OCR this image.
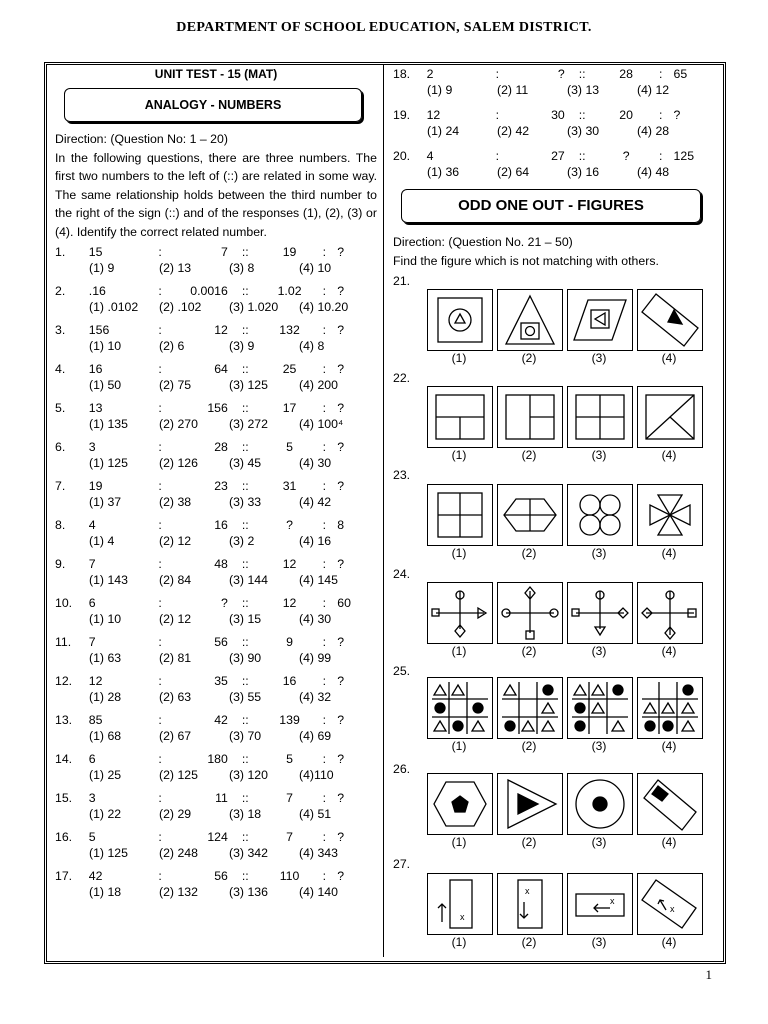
DEPARTMENT OF SCHOOL EDUCATION, SALEM DISTRICT.
UNIT TEST - 15 (MAT)
ANALOGY - NUMBERS
Direction: (Question No: 1 – 20)
In the following questions, there are three numbers. The first two numbers to the left of (::) are related in some way. The same relationship holds between the third number to the right of the sign (::) and of the responses (1), (2), (3) or (4). Identify the correct related number.
1.	15	:	7	::	19	: ?
(1) 9	(2) 13	(3) 8	(4) 10
2.	.16	:	0.0016	::	1.02	: ?
(1) .0102	(2) .102	(3) 1.020	(4) 10.20
3.	156	:	12	::	132	: ?
(1) 10	(2) 6	(3) 9	(4) 8
4.	16	:	64	::	25	: ?
(1) 50	(2) 75	(3) 125	(4) 200
5.	13	:	156	::	17	: ?
(1) 135	(2) 270	(3) 272	(4) 100⁴
6.	3	:	28	::	5	: ?
(1) 125	(2) 126	(3) 45	(4) 30
7.	19	:	23	::	31	: ?
(1) 37	(2) 38	(3) 33	(4) 42
8.	4	:	16	::	?	: 8
(1) 4	(2) 12	(3) 2	(4) 16
9.	7	:	48	::	12	: ?
(1) 143	(2) 84	(3) 144	(4) 145
10.	6	:	?	::	12	: 60
(1) 10	(2) 12	(3) 15	(4) 30
11.	7	:	56	::	9	: ?
(1) 63	(2) 81	(3) 90	(4) 99
12.	12	:	35	::	16	: ?
(1) 28	(2) 63	(3) 55	(4) 32
13.	85	:	42	::	139	: ?
(1) 68	(2) 67	(3) 70	(4) 69
14.	6	:	180	::	5	: ?
(1) 25	(2) 125	(3) 120	(4)110
15.	3	:	11	::	7	: ?
(1) 22	(2) 29	(3) 18	(4) 51
16.	5	:	124	::	7	: ?
(1) 125	(2) 248	(3) 342	(4) 343
17.	42	:	56	::	110	: ?
(1) 18	(2) 132	(3) 136	(4) 140
18.	2	:	?	::	28	: 65
(1) 9	(2) 11	(3) 13	(4) 12
19.	12	:	30	::	20	: ?
(1) 24	(2) 42	(3) 30	(4) 28
20.	4	:	27	::	?	: 125
(1) 36	(2) 64	(3) 16	(4) 48
ODD ONE OUT - FIGURES
Direction: (Question No. 21 – 50)
Find the figure which is not matching with others.
21.
(1)	(2)	(3)	(4)
22.
(1)	(2)	(3)	(4)
23.
(1)	(2)	(3)	(4)
24.
(1)	(2)	(3)	(4)
25.
(1)	(2)	(3)	(4)
26.
(1)	(2)	(3)	(4)
27.
x
(1)
x
(2)
x
(3)
x
(4)
1
